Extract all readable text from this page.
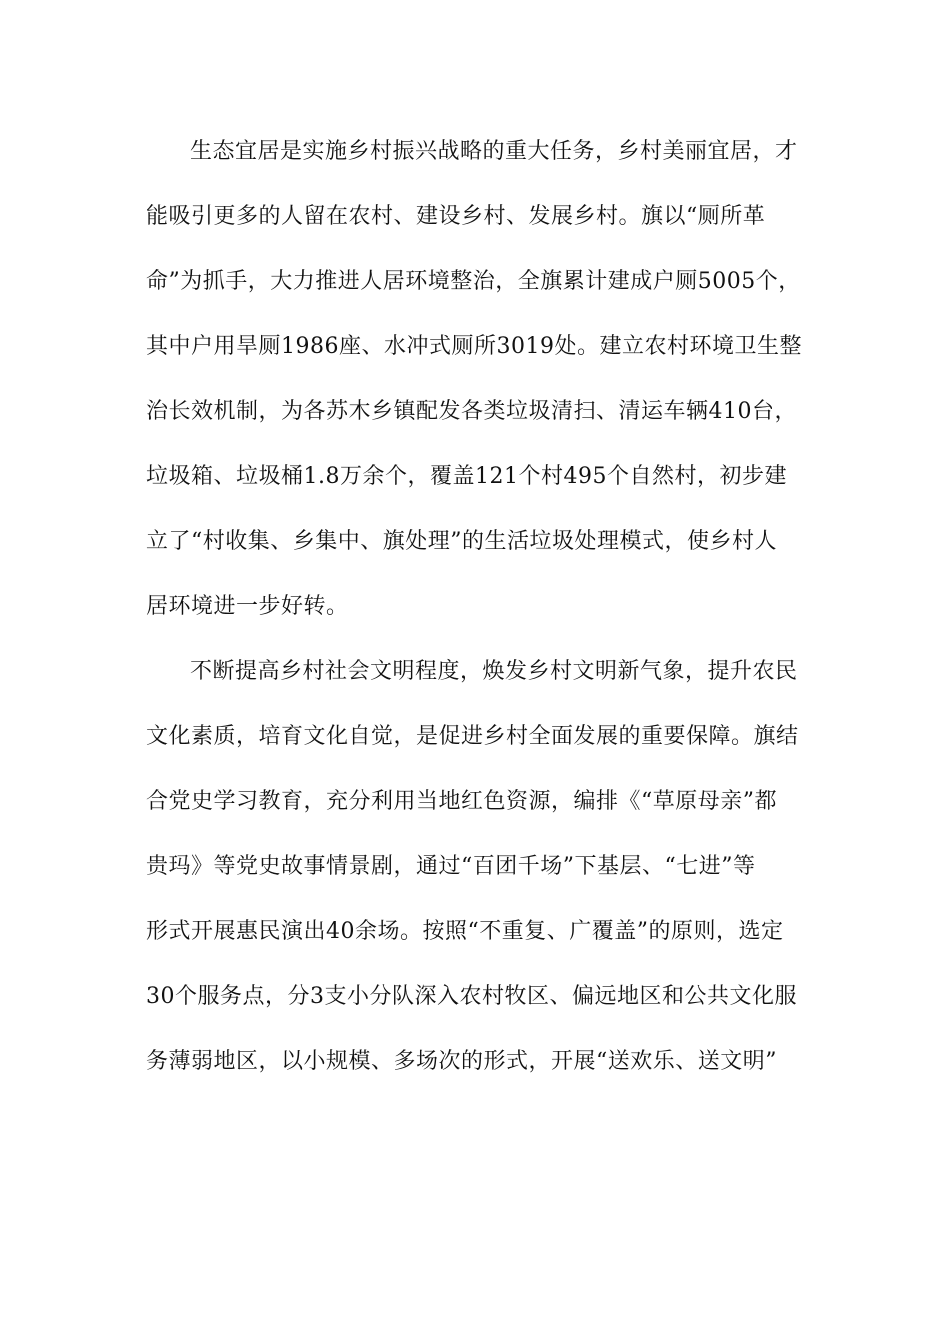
生态宜居是实施乡村振兴战略的重大任务，乡村美丽宜居，才
能吸引更多的人留在农村、建设乡村、发展乡村。旗以“厕所革
命”为抓手，大力推进人居环境整治，全旗累计建成户厕5005个，
其中户用旱厕1986座、水冲式厕所3019处。建立农村环境卫生整
治长效机制，为各苏木乡镇配发各类垃圾清扫、清运车辆410台，
垃圾箱、垃圾桶1.8万余个，覆盖121个村495个自然村，初步建
立了“村收集、乡集中、旗处理”的生活垃圾处理模式，使乡村人
居环境进一步好转。
不断提高乡村社会文明程度，焕发乡村文明新气象，提升农民
文化素质，培育文化自觉，是促进乡村全面发展的重要保障。旗结
合党史学习教育，充分利用当地红色资源，编排《“草原母亲”都
贵玛》等党史故事情景剧，通过“百团千场”下基层、“七进”等
形式开展惠民演出40余场。按照“不重复、广覆盖”的原则，选定
30个服务点，分3支小分队深入农村牧区、偏远地区和公共文化服
务薄弱地区，以小规模、多场次的形式，开展“送欢乐、送文明”
